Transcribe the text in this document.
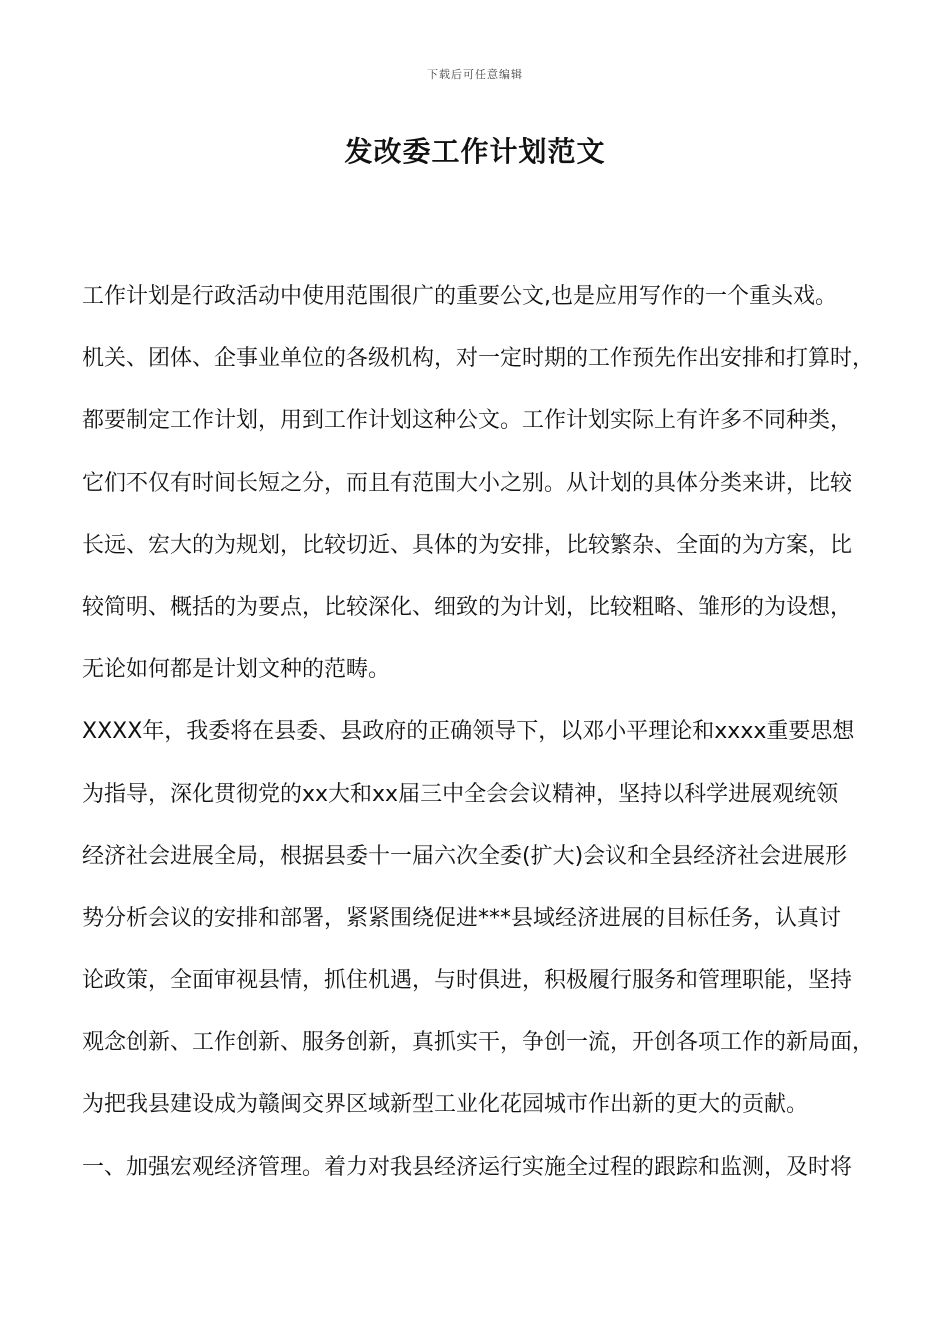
下载后可任意编辑
发改委工作计划范文
工作计划是行政活动中使用范围很广的重要公文,也是应用写作的一个重头戏。
机关、团体、企事业单位的各级机构，对一定时期的工作预先作出安排和打算时，
都要制定工作计划，用到工作计划这种公文。工作计划实际上有许多不同种类，
它们不仅有时间长短之分，而且有范围大小之别。从计划的具体分类来讲，比较
长远、宏大的为规划，比较切近、具体的为安排，比较繁杂、全面的为方案，比
较简明、概括的为要点，比较深化、细致的为计划，比较粗略、雏形的为设想，
无论如何都是计划文种的范畴。
XXXX年，我委将在县委、县政府的正确领导下，以邓小平理论和xxxx重要思想
为指导，深化贯彻党的xx大和xx届三中全会会议精神，坚持以科学进展观统领
经济社会进展全局，根据县委十一届六次全委(扩大)会议和全县经济社会进展形
势分析会议的安排和部署，紧紧围绕促进***县域经济进展的目标任务，认真讨
论政策，全面审视县情，抓住机遇，与时俱进，积极履行服务和管理职能，坚持
观念创新、工作创新、服务创新，真抓实干，争创一流，开创各项工作的新局面，
为把我县建设成为赣闽交界区域新型工业化花园城市作出新的更大的贡献。
一、加强宏观经济管理。着力对我县经济运行实施全过程的跟踪和监测，及时将
